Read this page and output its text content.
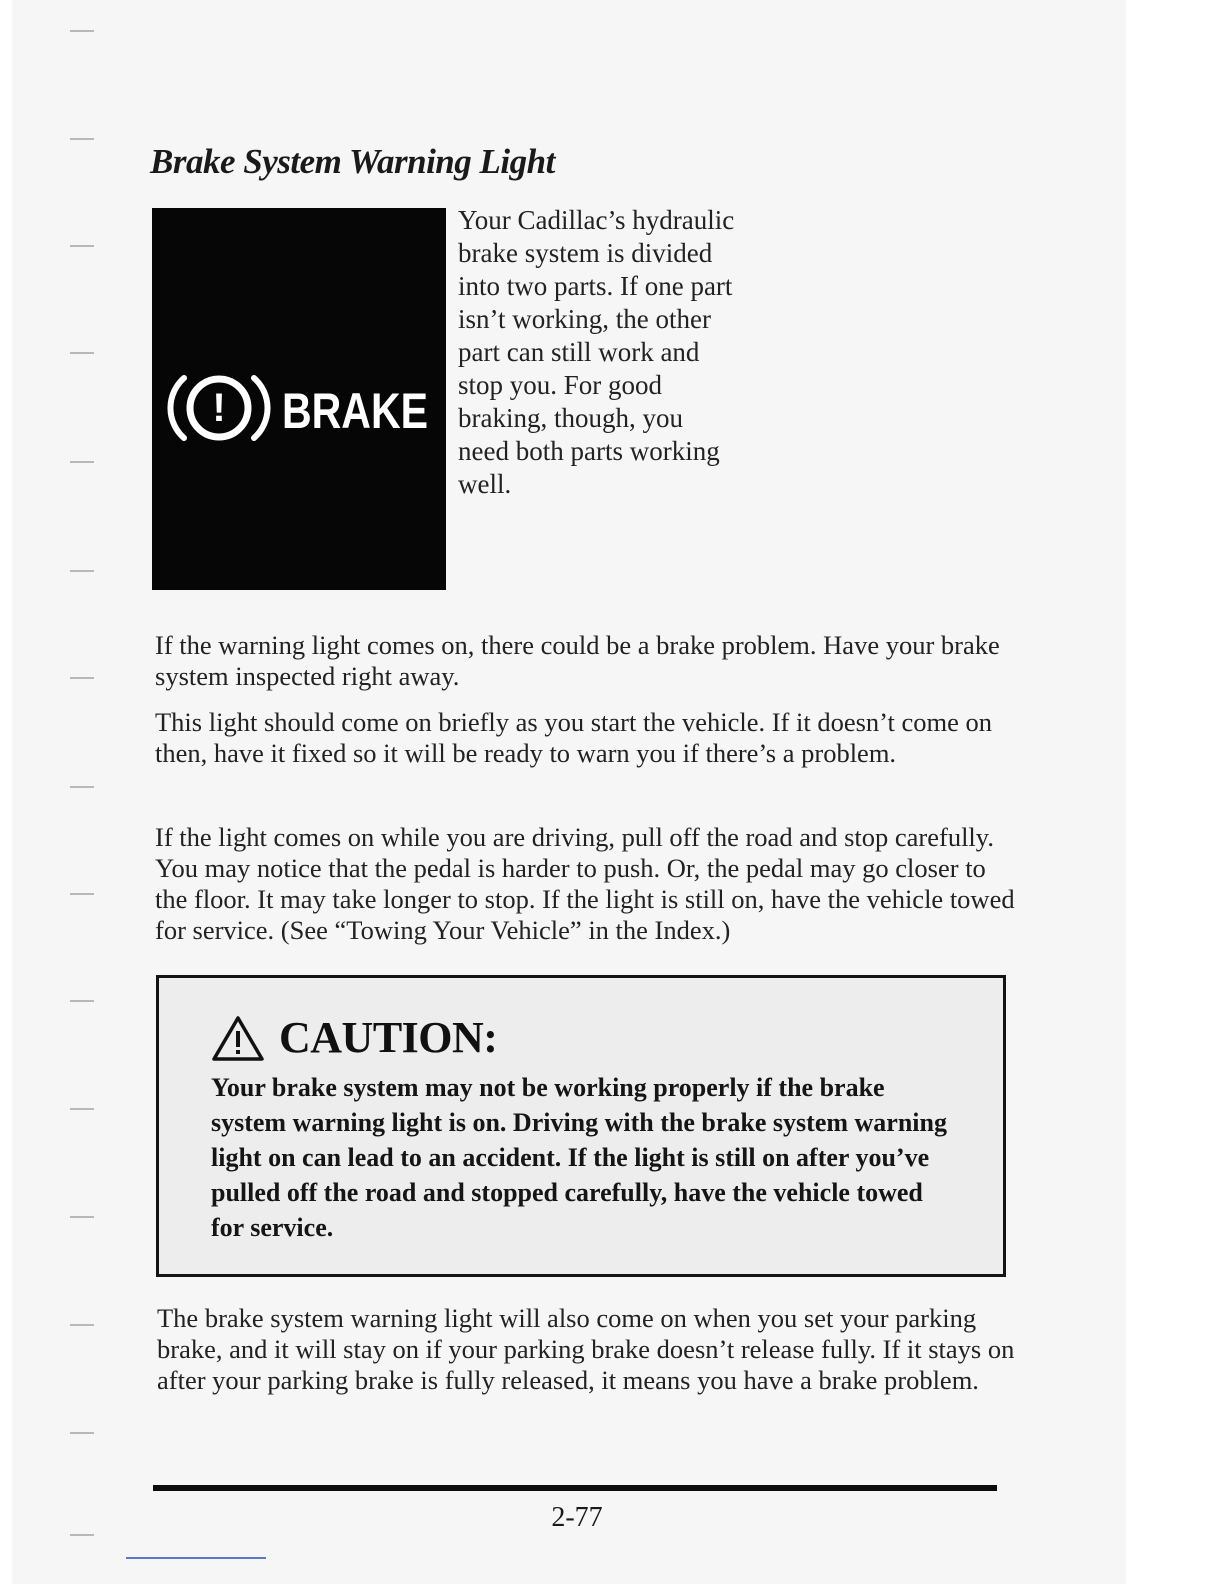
Brake System Warning Light
! BRAKE

Your Cadillac’s hydraulic brake system is divided into two parts. If one part isn’t working, the other part can still work and stop you. For good braking, though, you need both parts working well.

If the warning light comes on, there could be a brake problem. Have your brake system inspected right away.

This light should come on briefly as you start the vehicle. If it doesn’t come on then, have it fixed so it will be ready to warn you if there’s a problem.

If the light comes on while you are driving, pull off the road and stop carefully. You may notice that the pedal is harder to push. Or, the pedal may go closer to the floor. It may take longer to stop. If the light is still on, have the vehicle towed for service. (See “Towing Your Vehicle” in the Index.)

CAUTION:

Your brake system may not be working properly if the brake system warning light is on. Driving with the brake system warning light on can lead to an accident. If the light is still on after you’ve pulled off the road and stopped carefully, have the vehicle towed for service.

The brake system warning light will also come on when you set your parking brake, and it will stay on if your parking brake doesn’t release fully. If it stays on after your parking brake is fully released, it means you have a brake problem.

2-77
